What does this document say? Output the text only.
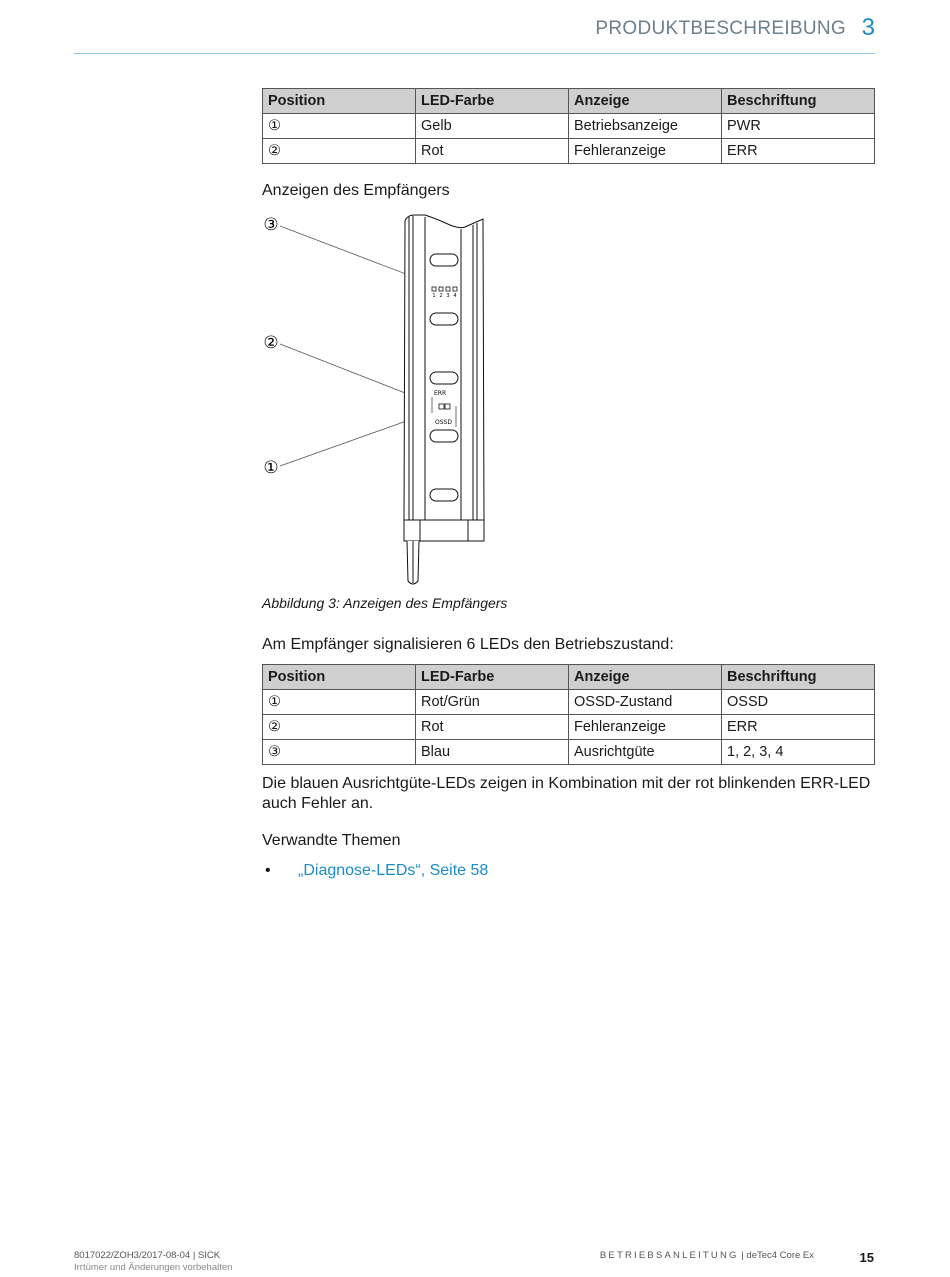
PRODUKTBESCHREIBUNG 3
Position	LED-Farbe	Anzeige	Beschriftung
①	Gelb	Betriebsanzeige	PWR
②	Rot	Fehleranzeige	ERR
Anzeigen des Empfängers
③
②
①
1 2 3 4
ERR
OSSD
Abbildung 3: Anzeigen des Empfängers
Am Empfänger signalisieren 6 LEDs den Betriebszustand:
Position	LED-Farbe	Anzeige	Beschriftung
①	Rot/Grün	OSSD-Zustand	OSSD
②	Rot	Fehleranzeige	ERR
③	Blau	Ausrichtgüte	1, 2, 3, 4
Die blauen Ausrichtgüte-LEDs zeigen in Kombination mit der rot blinkenden ERR-LED auch Fehler an.
Verwandte Themen
• „Diagnose-LEDs“, Seite 58
8017022/ZOH3/2017-08-04 | SICK
Irrtümer und Änderungen vorbehalten
BETRIEBSANLEITUNG | deTec4 Core Ex	15
